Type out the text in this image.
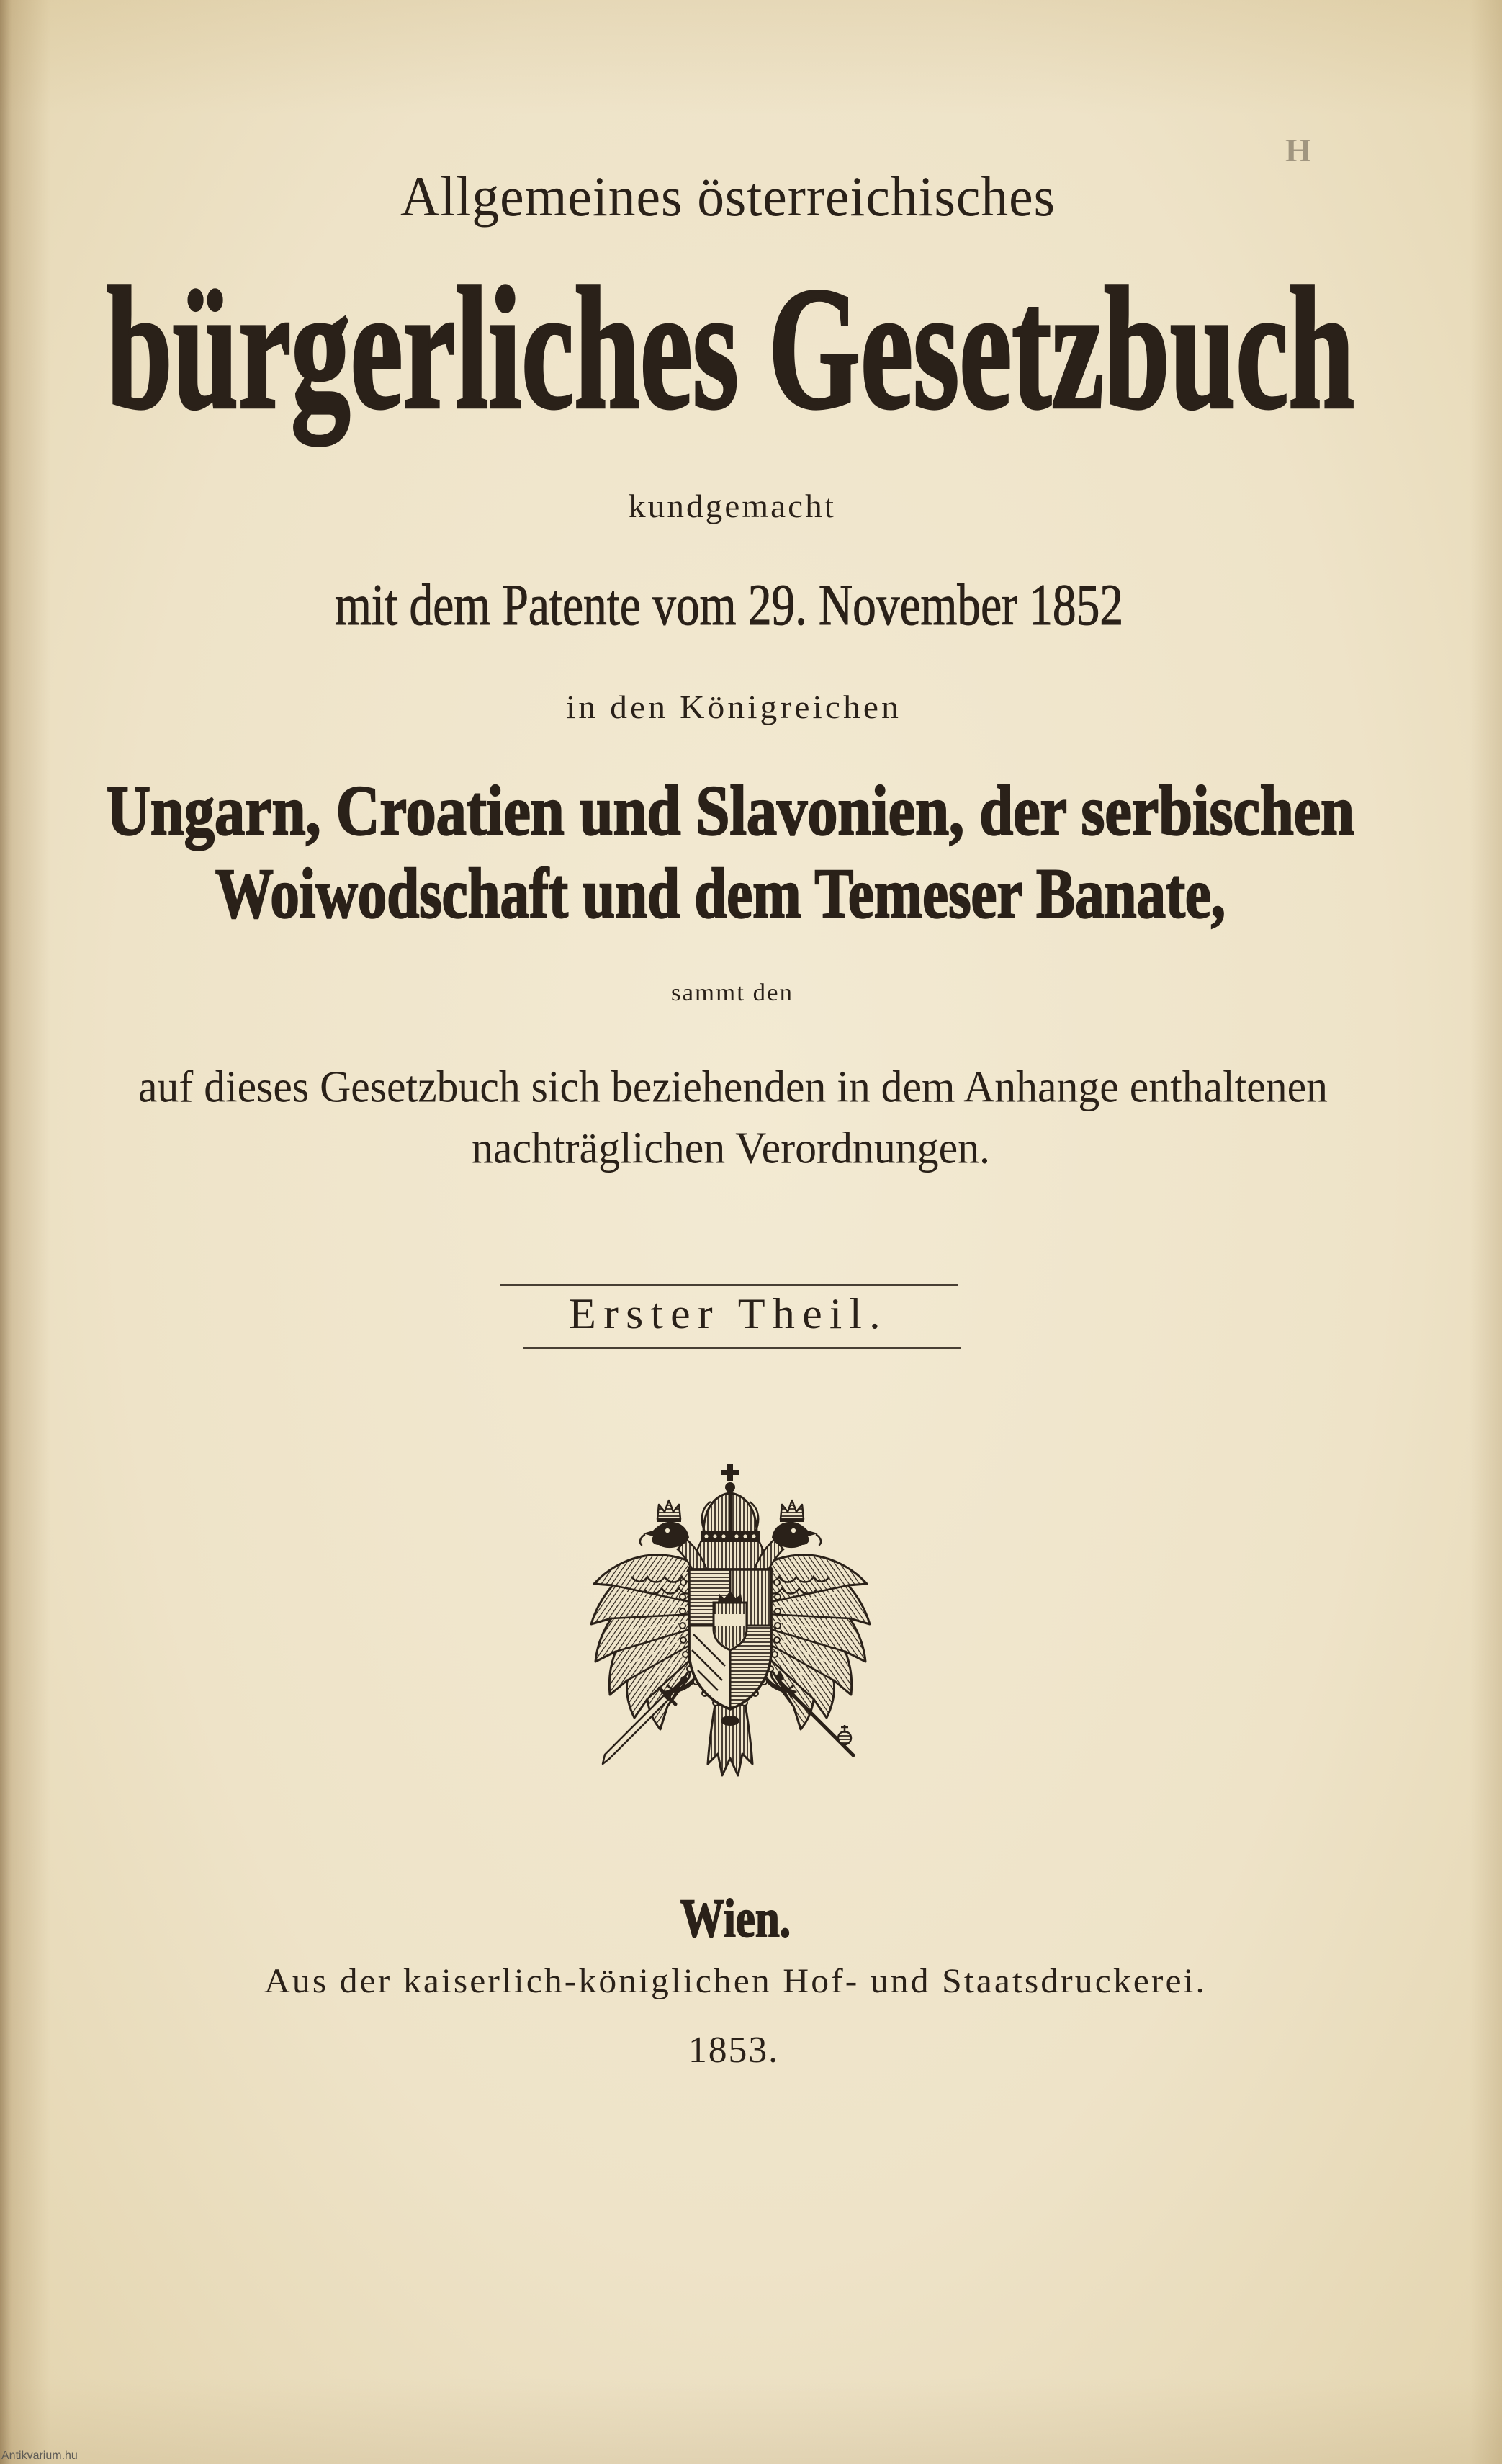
H
Allgemeines österreichisches
bürgerliches Gesetzbuch
kundgemacht
mit dem Patente vom 29. November 1852
in den Königreichen
Ungarn, Croatien und Slavonien, der serbischen
Woiwodschaft und dem Temeser Banate,
sammt den
auf dieses Gesetzbuch sich beziehenden in dem Anhange enthaltenen
nachträglichen Verordnungen.
Erster Theil.
Wien.
Aus der kaiserlich-königlichen Hof- und Staatsdruckerei.
1853.
Antikvarium.hu
